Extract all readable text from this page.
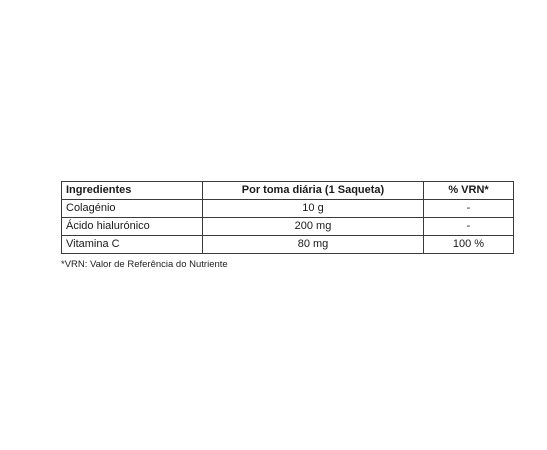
Ingredientes	Por toma diária (1 Saqueta)	% VRN*
Colagénio	10 g	-
Ácido hialurónico	200 mg	-
Vitamina C	80 mg	100 %
*VRN: Valor de Referência do Nutriente
